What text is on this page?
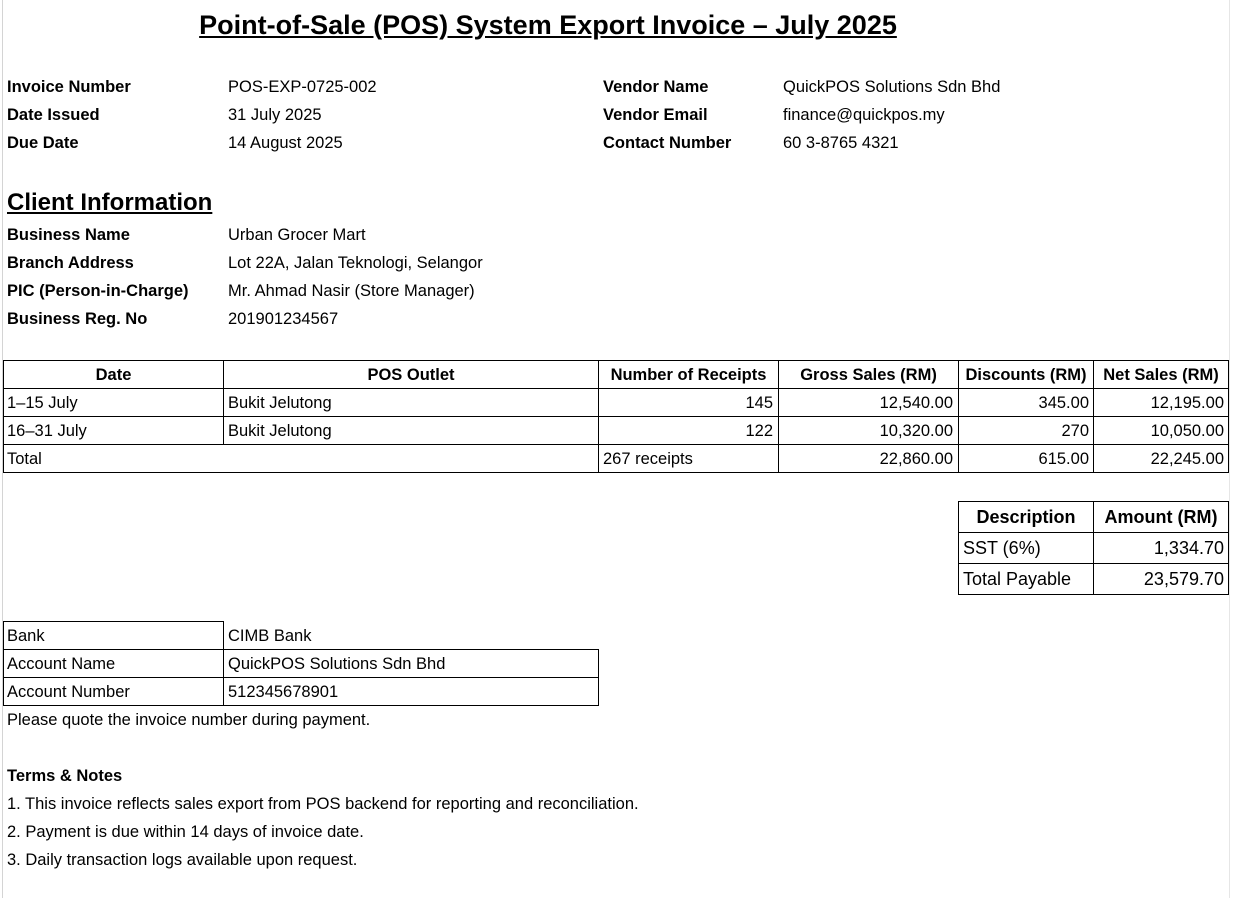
Point-of-Sale (POS) System Export Invoice – July 2025
Invoice Number	POS-EXP-0725-002
Date Issued	31 July 2025
Due Date	14 August 2025
Vendor Name	QuickPOS Solutions Sdn Bhd
Vendor Email	finance@quickpos.my
Contact Number	60 3-8765 4321
Client Information
Business Name	Urban Grocer Mart
Branch Address	Lot 22A, Jalan Teknologi, Selangor
PIC (Person-in-Charge) Mr. Ahmad Nasir (Store Manager)
Business Reg. No	201901234567
Date	POS Outlet	Number of Receipts	Gross Sales (RM)	Discounts (RM)	Net Sales (RM)
1–15 July	Bukit Jelutong	145	12,540.00	345.00	12,195.00
16–31 July	Bukit Jelutong	122	10,320.00	270	10,050.00
Total	267 receipts	22,860.00	615.00	22,245.00
Description	Amount (RM)
SST (6%)	1,334.70
Total Payable	23,579.70
Bank	CIMB Bank
Account Name	QuickPOS Solutions Sdn Bhd
Account Number	512345678901
Please quote the invoice number during payment.
Terms & Notes
1. This invoice reflects sales export from POS backend for reporting and reconciliation.
2. Payment is due within 14 days of invoice date.
3. Daily transaction logs available upon request.
